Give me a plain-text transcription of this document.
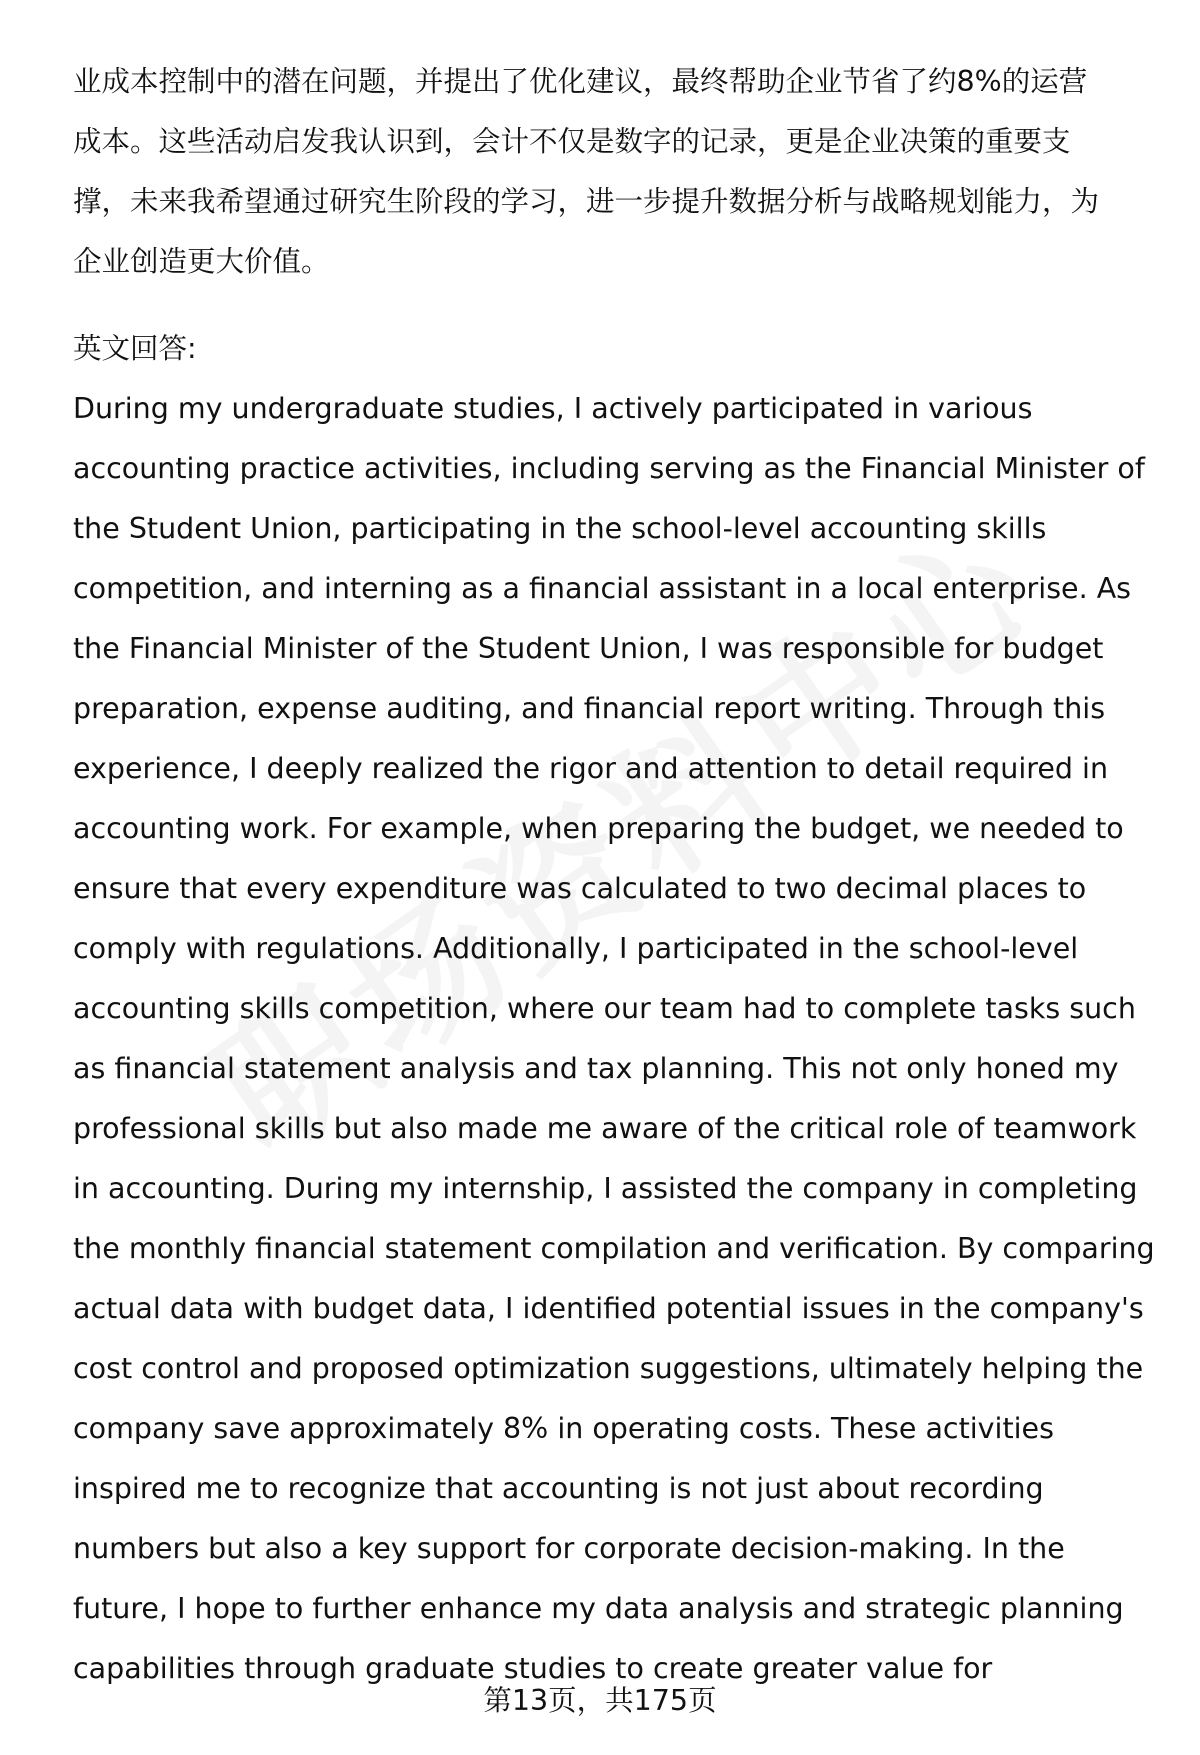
业成本控制中的潜在问题，并提出了优化建议，最终帮助企业节省了约8%的运营
成本。这些活动启发我认识到，会计不仅是数字的记录，更是企业决策的重要支
撑，未来我希望通过研究生阶段的学习，进一步提升数据分析与战略规划能力，为
企业创造更大价值。
英文回答:
During my undergraduate studies, I actively participated in various
accounting practice activities, including serving as the Financial Minister of
the Student Union, participating in the school-level accounting skills
competition, and interning as a financial assistant in a local enterprise. As
the Financial Minister of the Student Union, I was responsible for budget
preparation, expense auditing, and financial report writing. Through this
experience, I deeply realized the rigor and attention to detail required in
accounting work. For example, when preparing the budget, we needed to
ensure that every expenditure was calculated to two decimal places to
comply with regulations. Additionally, I participated in the school-level
accounting skills competition, where our team had to complete tasks such
as financial statement analysis and tax planning. This not only honed my
professional skills but also made me aware of the critical role of teamwork
in accounting. During my internship, I assisted the company in completing
the monthly financial statement compilation and verification. By comparing
actual data with budget data, I identified potential issues in the company's
cost control and proposed optimization suggestions, ultimately helping the
company save approximately 8% in operating costs. These activities
inspired me to recognize that accounting is not just about recording
numbers but also a key support for corporate decision-making. In the
future, I hope to further enhance my data analysis and strategic planning
capabilities through graduate studies to create greater value for
第13页，共175页
